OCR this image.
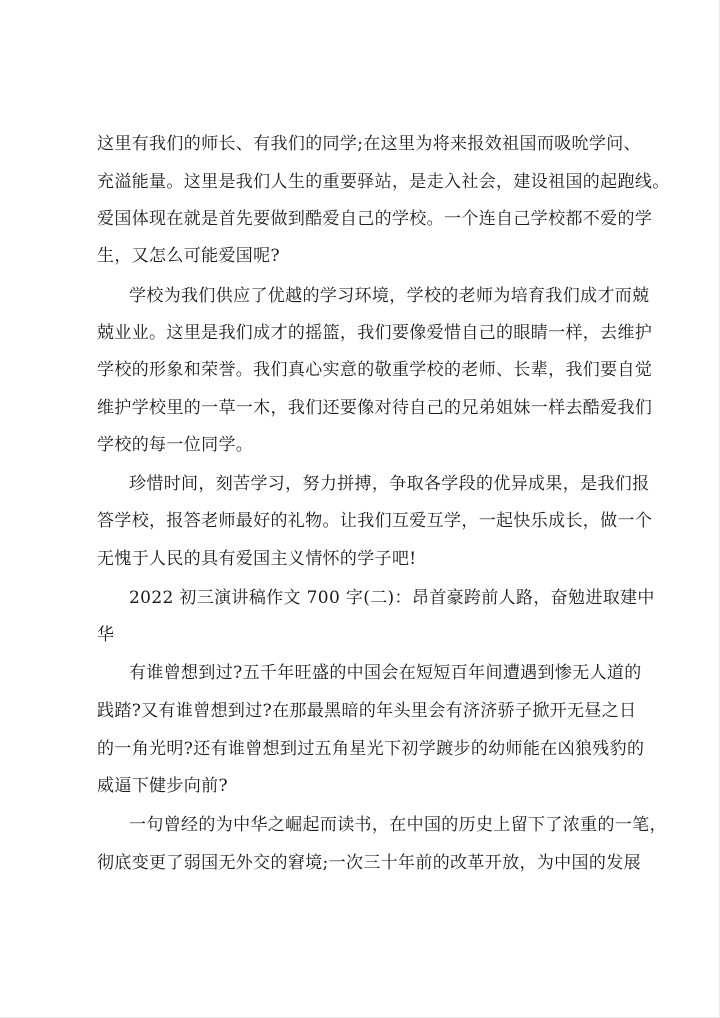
这里有我们的师长、有我们的同学;在这里为将来报效祖国而吸吮学问、
充溢能量。这里是我们人生的重要驿站，是走入社会，建设祖国的起跑线。
爱国体现在就是首先要做到酷爱自己的学校。一个连自己学校都不爱的学
生，又怎么可能爱国呢?
学校为我们供应了优越的学习环境，学校的老师为培育我们成才而兢
兢业业。这里是我们成才的摇篮，我们要像爱惜自己的眼睛一样，去维护
学校的形象和荣誉。我们真心实意的敬重学校的老师、长辈，我们要自觉
维护学校里的一草一木，我们还要像对待自己的兄弟姐妹一样去酷爱我们
学校的每一位同学。
珍惜时间，刻苦学习，努力拼搏，争取各学段的优异成果，是我们报
答学校，报答老师最好的礼物。让我们互爱互学，一起快乐成长，做一个
无愧于人民的具有爱国主义情怀的学子吧!
2022 初三演讲稿作文 700 字(二)：昂首豪跨前人路，奋勉进取建中
华
有谁曾想到过?五千年旺盛的中国会在短短百年间遭遇到惨无人道的
践踏?又有谁曾想到过?在那最黑暗的年头里会有济济骄子掀开无昼之日
的一角光明?还有谁曾想到过五角星光下初学踱步的幼师能在凶狼残豹的
威逼下健步向前?
一句曾经的为中华之崛起而读书，在中国的历史上留下了浓重的一笔，
彻底变更了弱国无外交的窘境;一次三十年前的改革开放，为中国的发展
